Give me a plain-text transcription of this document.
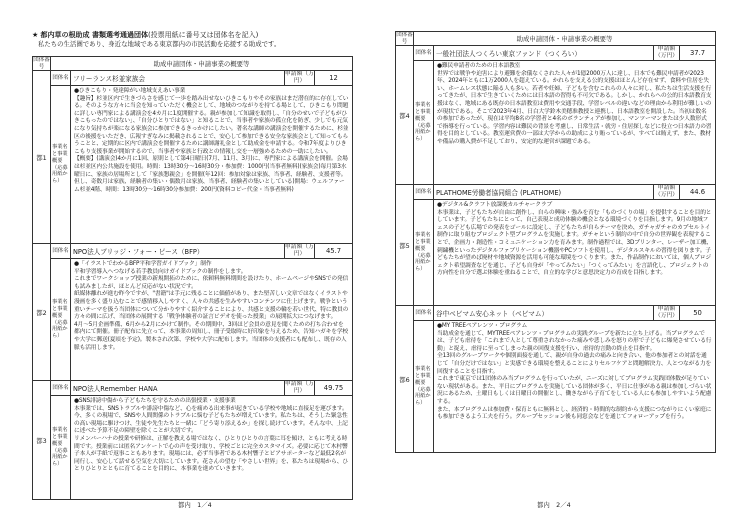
★ 都内草の根助成 書類選考通過団体(投票用紙に番号又は団体名を記入)
私たちの生活圏であり、身近な地域である東京都内の市民活動を応援する助成です。
団体番号	助成申請団体・申請事業の概要等			
都1	団体名	フリーランス杉並家族会	申請額（万円）	12
	事業名と事業概要（応募用紙から）	●ひきこもり・発達障がい地域支えあい事業

【趣旨】杉並区内で生きづらさを感じて一歩を踏み出せないひきこもりやその家族はまだ潜在的に存在している。そのような方々に当会を知っていただく機会として、地域のつながりを持てる場として、ひきこもり問題に詳しい専門家による講演会を4カ月に1度開催する。親が参加して知識を取得し、「自分のせいで子どもがひきこもったのではない」、「自分ひとりではない」と知ることで、当事者や家族の孤立化を防ぎ、少しでも元気になり気持ちが楽になる家族会に参加できるきっかけにしたい。著名な講師の講演会を開催するために、杉並区の後援をいただき、広報すぎなみに掲載されることで、安心して参加できる安全な家族会として知ってもらうことと、定期的に区内で講演会を開催するために講師謝礼金として助成金を申請する。令和7年度よりひきこもり支援事業が開始するので、当事者や家族と行政との情報し交を一層強めるための一助にしたい。

【概要】(講演会)4か月に1回、原則として第4日曜日(7月、11月、3月)に、専門家による講演会を開催。会場は杉並区内公共施設を使用。時間：13時30分～16時30分・参加費：1000円(当事者無料)(家族会)毎月第3水曜日に、家族の居場所として「家族懇親会」を開催(年12回：参加対象は家族、当事者、経験者、支援者等。但し、奇数月は家族、経験者の集い・偶数月は家族、当事者、経験者の集いとしている)開場：ウェルファーム杉並4階、時間：13時30分～16時30分参加費：200円(資料コピー代金・当事者無料)		

都2	団体名	NPO法人ブリッジ・フォー・ピース（BFP）	申請額（万円）	45.7
	事業名と事業概要（応募用紙から）	●「イラストでわかるBFP平和学習ガイドブック」制作

平和学習導入へつなげる若手教員向けガイドブックの制作をします。

これまでワークショップ授業の新規開拓のために、依頼料無料期間を設けたり、ホームページやSNSでの発信も試みましたが、ほとんど反応がない状況です。

紙媒体離れが進む昨今ですが、"書籍"は手元に残ることに価値があり、また堅苦しい文章ではなくイラストや漫画を多く盛り込むことで感情移入しやすく、人々の共感を生みやすいコンテンツに仕上げます。戦争という重いテーマを扱う当団体について分かりやすく紹介することにより、共感と支援の輪を若い世代、特に教員の方々の間に広げ、当団体の展開する「戦争体験者の証言ビデオを使った授業」の展開拡大につなげます。

4月～5月企画準備、6月から2月にかけて制作。その期間中、3回ほど会員の意見を聞くための打ち合わせを都内にて開催。冊子配布に先立って、本事業の周知し、冊子受取時に好印象を与えるため、告知ハガキを学校や大学に郵送(夏頃を予定)。製本され次第、学校や大学に配布します。当団体の支援者にも配布し、既存の人脈も活用します。		

都3	団体名	NPO法人Remember HANA	申請額（万円）	49.75
	事業名と事業概要（応募用紙から）	●SNS誹謗中傷から子どもたちを守るための出張授業・支援事業

本事業では、SNSトラブルや誹謗中傷など、心を痛める出来事が起きている学校や地域に直接足を運びます。今、多くの現場で、SNSや人間関係のトラブルに悩む子どもたちが増えています。私たちは、そうした緊急性の高い現場に駆けつけ、生徒や先生たちと一緒に「どう寄り添えるか」を探し続けています。そんな中、上記に述べた予算不足の障壁を除くことが大切です。

リメンバーハナの授業や研修は、正解を教える場ではなく、ひとりひとりの言葉に耳を傾け、ともに考える時間です。授業前には匿名アンケートで心の声を受け取り、学校ごとに完全カスタマイズ。必要に応じて木村響子本人が手紙で返事こともあります。現場には、必ず当事者である木村響子とピアサポーターなど最低2名が同行し、安心して話せる空気を大切にしています。花さんの望む「やさしい世界」を、私たちは現場から、ひとりひとりとともに育てることを目的に、本事業を進めていきます。		

都内　1／4
団体番号	助成申請団体・申請事業の概要等			
都4	団体名	一般社団法人つくろい東京ファンド（つくろい）	申請額（万円）	37.7
	事業名と事業概要（応募用紙から）	●難民申請者のための日本語教室

世界では戦争や迫害により避難を余儀なくされた人々が1億2000万人に達し、日本でも難民申請者が2023年、2024年ともに1万2000人を超えている。かれらを支える公的支援はほとんど存在せず、食料や住居を失い、ホームレス状態に陥る人も多い。若者や妊婦、子どもを含むこれらの人々に対し、私たちは生活支援を行ってきたが、日本で生きていくためには日本語の習得も不可欠である。しかし、かれらへの公的日本語教育支援はなく、地域にある既存の日本語教室は費用や交通手段、学習レベルの違いなどの理由から利用が難しいのが現状である。そこで2023年4月、日白大学鈴木美穂准教授と連携し、日本語教室を開設した。当初は数名の参加であったが、現在は平均8名の学習者と4名のボランティアが参加し、マンツーマンまたは少人数形式で指導を行っている。学習内容は難民の背景を考慮し、日常生活・就労・住居探しなどに役立つ日本語力の習得を目的としている。教室運営費の一部は大学からの助成により賄っているが、すべては賄えず、また、教材や備品の購入費が不足しており、安定的な運営が課題である。		

都5	団体名	PLATHOME労働者協同組合 (PLATHOME)	申請額（万円）	44.6
	事業名と事業概要（応募用紙から）	●デジタル&クラフト放課後カルチャークラブ

本事業は、子どもたちが自由に創作し、自らの興味・強みを育む「ものづくりの場」を提供することを目的としています。子どもたちにとって、自己表現と成功体験の機会となる環境づくりを目指します。9月の地域フェスの子ども広場での発表をゴールに設定し、子どもたちが自らテーマを決め、ガチャガチャのカプセルトイ制作に取り組むプロジェクト型プログラムを実施します。ガチャという制約の中で自分の世界観を表現することで、企画力・創造性・コミュニケーション力を育みます。制作過程では、3Dプリンター、レーザー加工機、刺繍機といったデジタルファブリケーション機器やPCソフトを使用し、デジタルスキルの習得を図ります。子どもたちが望めば廃材や地域資源を活用も可能な環境をつくります。また、作品制作においては、個人プロジェクト希望調査などを通じ、子ども自身が「やってみたい」「つくってみたい」を言語化し、プロジェクトの方向性を自分で選ぶ体験を重ねることで、自立的な学びと意思決定力の育成を目指します。		

都6	団体名	谷中ベビマム安心ネット（ベビマム）	申請額（万円）	50
	事業名と事業概要（応募用紙から）	●MY TREEペアレンツ・プログラム

当助成金を通じて、MYTREEペアレンツ・プログラムの実践グループを新たに立ち上げる。当プログラムでは、子ども虐待を「これまで人として尊重されなかった痛みや悲しみを怒りの形で子どもに爆発させている行動」と捉え、虐待に至ってしまった親の回復支援を行い、虐待的言動の終止を目指す。

全13回のグループワークや個別面接を通して、親が自身の過去の痛みと向き合い、他の参加者との対話を通じて「自分だけではない」と実感できる環境を整えることによりセルフケアと問題解決力、人とつながる力を回復することを目指す。

これまで東京では1団体のみ当プログラムを行っていたが、ニーズに対してプログラム実践団体数が足りていない現状がある。また、平日にプログラムを実施している団体が多く、平日に仕事がある親は参加しづらい状況にあるため、土曜日もしくは日曜日の開催とし、働きながら子育てをしている人にも参加しやすいよう配慮する。

また、本プログラムは参加費・保育ともに無料とし、経済的・時間的な制約から支援につながりにくい家庭にも参加できるよう工夫を行う。グループセッション後も同窓会などを通じてフォローアップを行う。		

都内　2／4
